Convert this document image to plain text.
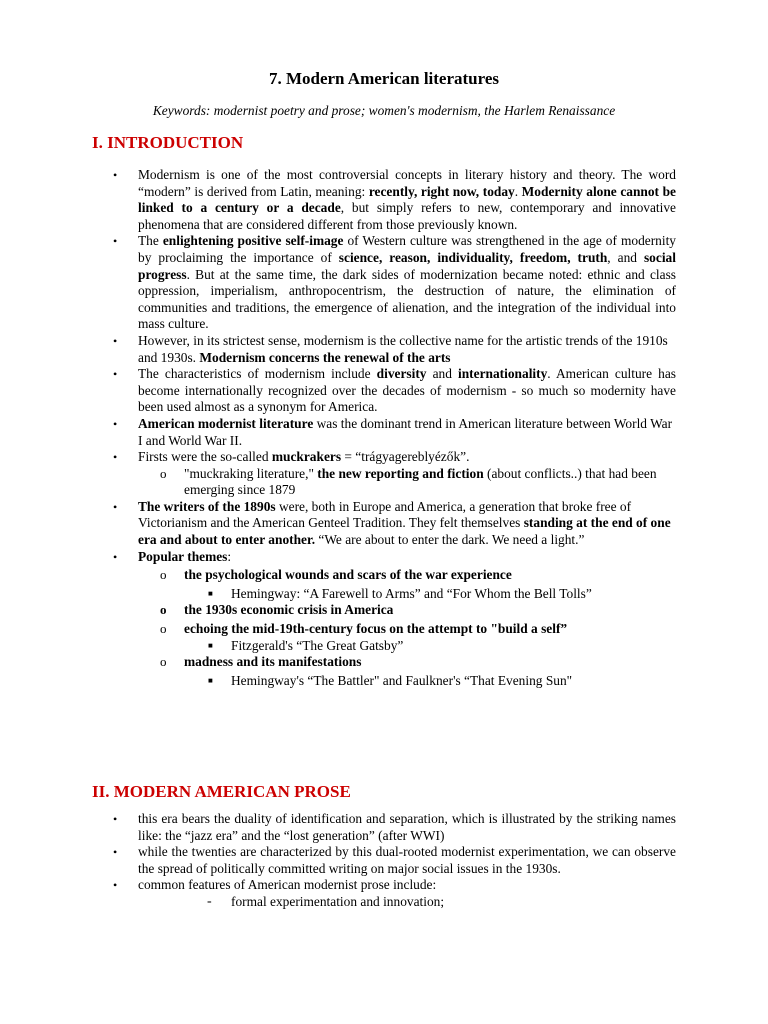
7. Modern American literatures
Keywords: modernist poetry and prose; women's modernism, the Harlem Renaissance
I. INTRODUCTION
•	Modernism is one of the most controversial concepts in literary history and theory. The word “modern” is derived from Latin, meaning: recently, right now, today. Modernity alone cannot be linked to a century or a decade, but simply refers to new, contemporary and innovative phenomena that are considered different from those previously known.
•	The enlightening positive self-image of Western culture was strengthened in the age of modernity by proclaiming the importance of science, reason, individuality, freedom, truth, and social progress. But at the same time, the dark sides of modernization became noted: ethnic and class oppression, imperialism, anthropocentrism, the destruction of nature, the elimination of communities and traditions, the emergence of alienation, and the integration of the individual into mass culture.
•	However, in its strictest sense, modernism is the collective name for the artistic trends of the 1910s and 1930s. Modernism concerns the renewal of the arts
•	The characteristics of modernism include diversity and internationality. American culture has become internationally recognized over the decades of modernism - so much so modernity have been used almost as a synonym for America.
•	American modernist literature was the dominant trend in American literature between World War I and World War II.
•	Firsts were the so-called muckrakers = “trágyagereblyézők”.
o "muckraking literature," the new reporting and fiction (about conflicts..) that had been emerging since 1879
•	The writers of the 1890s were, both in Europe and America, a generation that broke free of Victorianism and the American Genteel Tradition. They felt themselves standing at the end of one era and about to enter another. “We are about to enter the dark. We need a light.”
•	Popular themes:
o the psychological wounds and scars of the war experience
■ Hemingway: “A Farewell to Arms” and “For Whom the Bell Tolls”
o the 1930s economic crisis in America
o echoing the mid-19th-century focus on the attempt to "build a self”
■ Fitzgerald's “The Great Gatsby”
o madness and its manifestations
■ Hemingway's “The Battler" and Faulkner's “That Evening Sun"
II. MODERN AMERICAN PROSE
•	this era bears the duality of identification and separation, which is illustrated by the striking names like: the “jazz era” and the “lost generation” (after WWI)
•	while the twenties are characterized by this dual-rooted modernist experimentation, we can observe the spread of politically committed writing on major social issues in the 1930s.
•	common features of American modernist prose include:
- formal experimentation and innovation;
